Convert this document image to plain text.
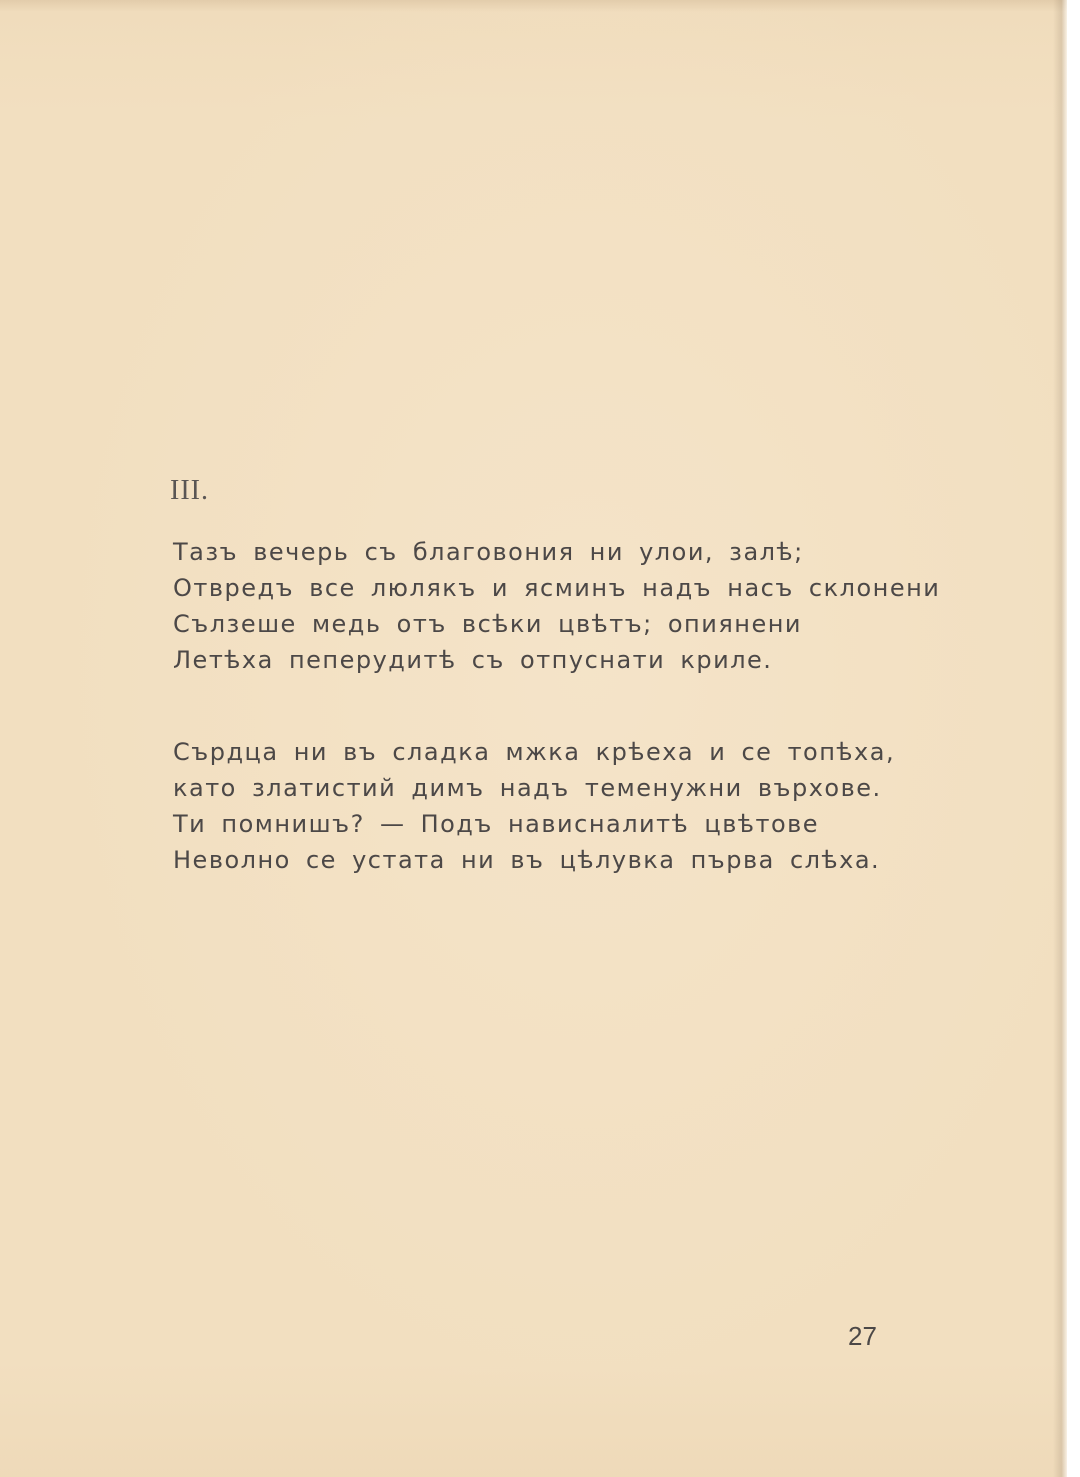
III.
Тазъ вечерь съ благовония ни улои, залѣ;
Отвредъ все люлякъ и ясминъ надъ насъ склонени
Сълзеше медь отъ всѣки цвѣтъ; опиянени
Летѣха пеперудитѣ съ отпуснати криле.
Сърдца ни въ сладка мжка крѣеха и се топѣха,
като златистий димъ надъ теменужни върхове.
Ти помнишъ? — Подъ нависналитѣ цвѣтове
Неволно се устата ни въ цѣлувка първа слѣха.
27
